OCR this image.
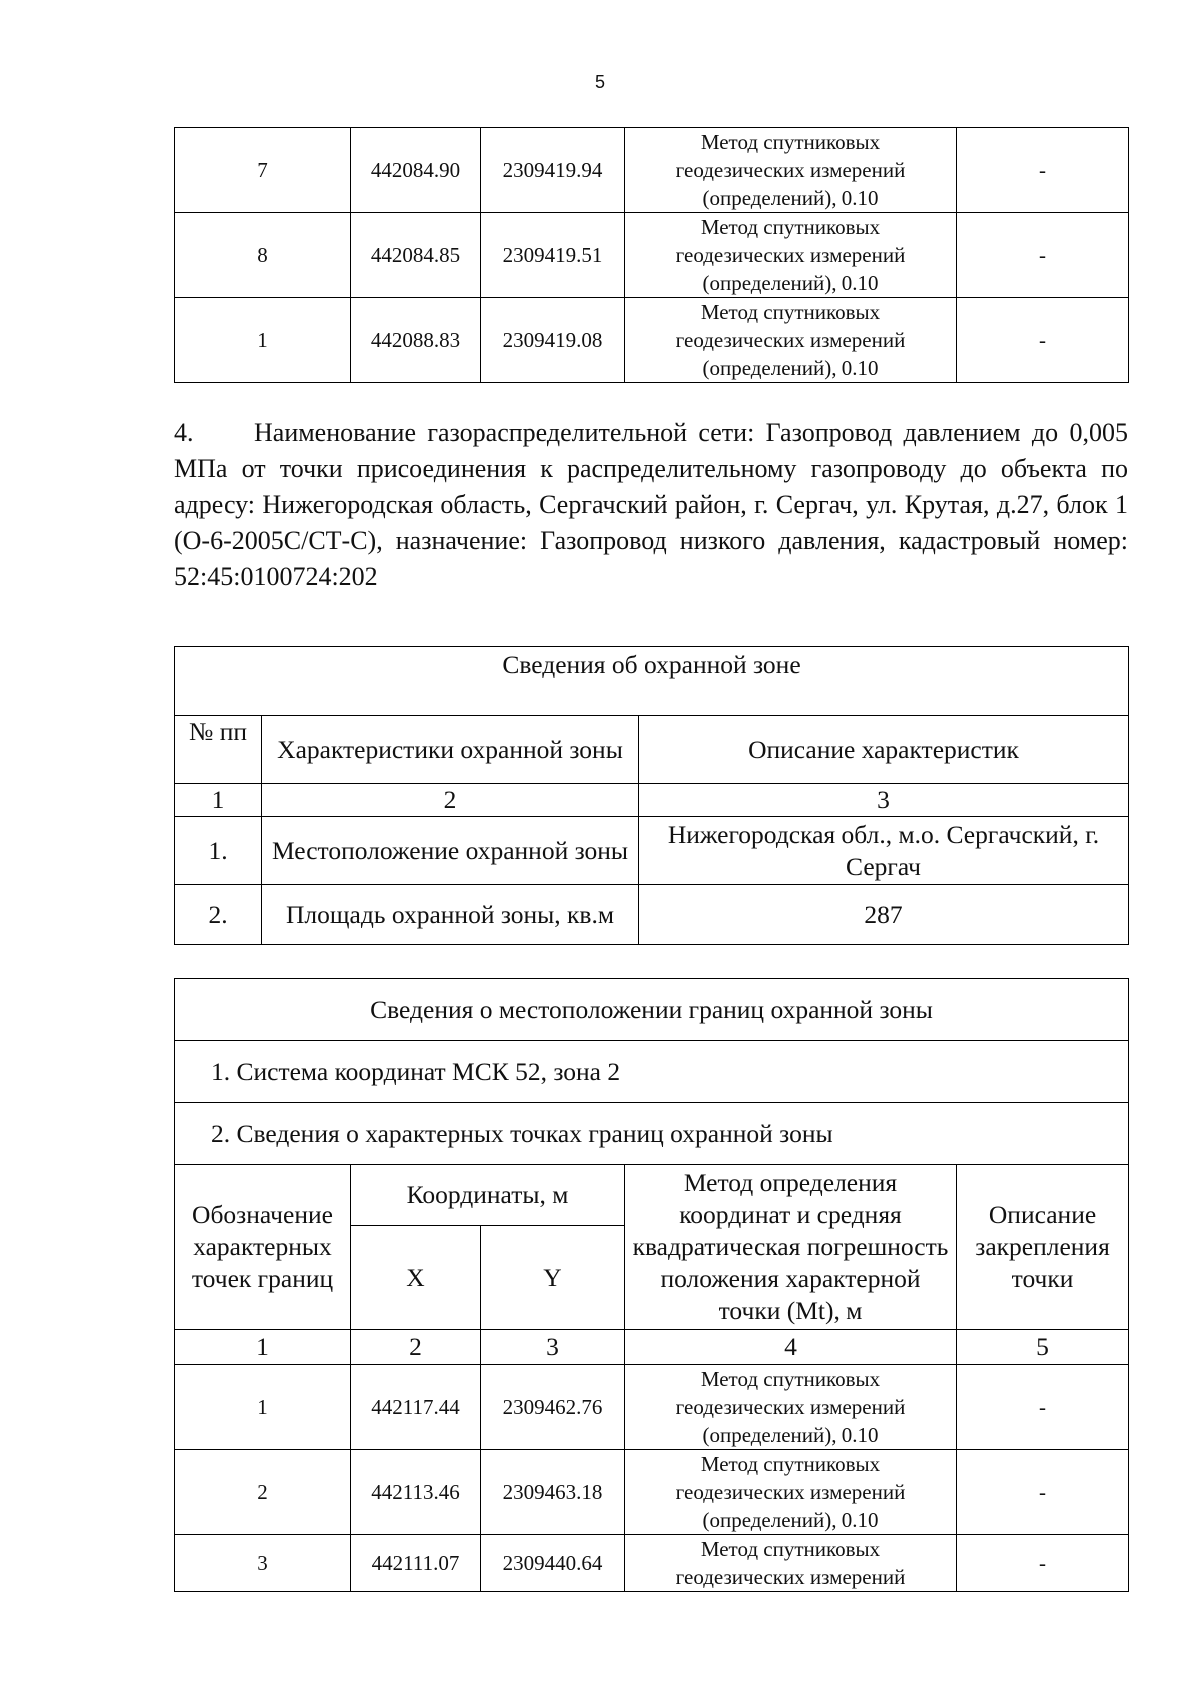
5
7	442084.90	2309419.94	Метод спутниковых
геодезических измерений
(определений), 0.10	-
8	442084.85	2309419.51	Метод спутниковых
геодезических измерений
(определений), 0.10	-
1	442088.83	2309419.08	Метод спутниковых
геодезических измерений
(определений), 0.10	-
4. Наименование газораспределительной сети: Газопровод давлением до 0,005 МПа от точки присоединения к распределительному газопроводу до объекта по адресу: Нижегородская область, Сергачский район, г. Сергач, ул. Крутая, д.27, блок 1 (О-6-2005С/СТ-С), назначение: Газопровод низкого давления, кадастровый номер: 52:45:0100724:202
Сведения об охранной зоне		
№ пп	Характеристики охранной зоны	Описание характеристик
1	2	3
1.	Местоположение охранной зоны	Нижегородская обл., м.о. Сергачский, г. Сергач
2.	Площадь охранной зоны, кв.м	287
Сведения о местоположении границ охранной зоны				
1. Система координат МСК 52, зона 2				
2. Сведения о характерных точках границ охранной зоны				
Обозначение характерных точек границ	Координаты, м		Метод определения координат и средняя квадратическая погрешность положения характерной точки (Mt), м	Описание закрепления точки
	X	Y		
1	2	3	4	5
1	442117.44	2309462.76	Метод спутниковых
геодезических измерений
(определений), 0.10	-
2	442113.46	2309463.18	Метод спутниковых
геодезических измерений
(определений), 0.10	-
3	442111.07	2309440.64	Метод спутниковых
геодезических измерений	-
